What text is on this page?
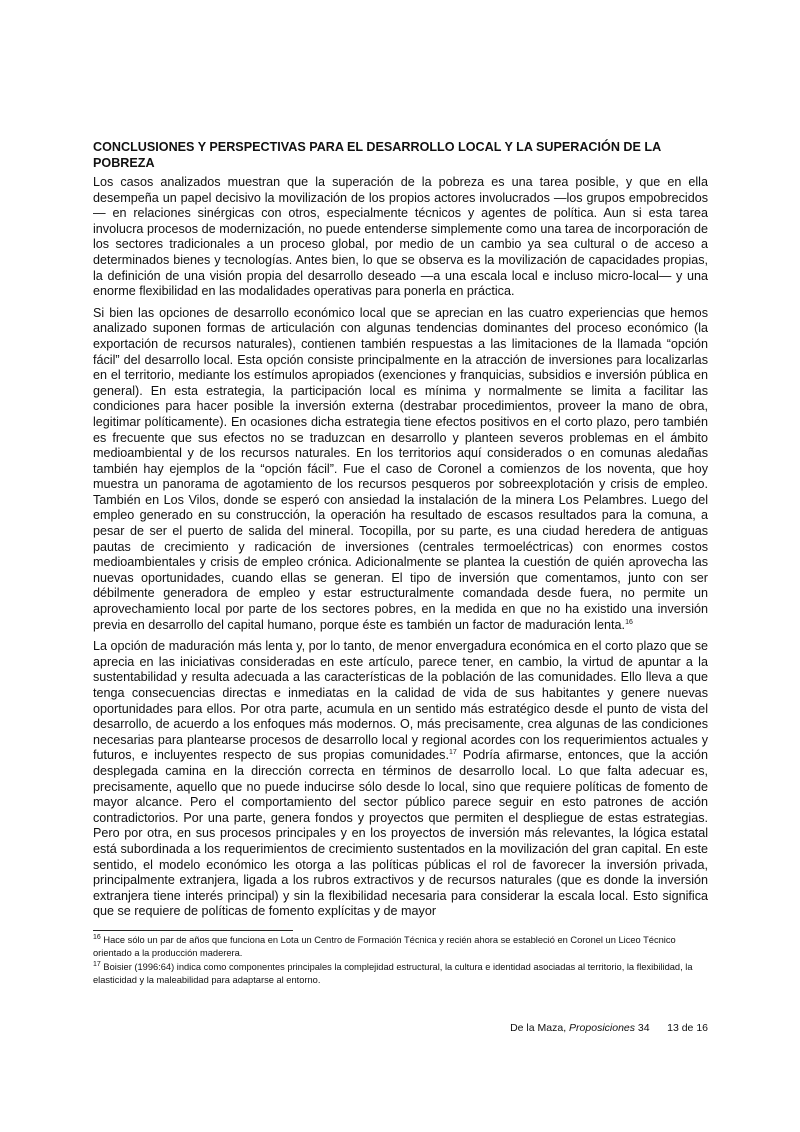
CONCLUSIONES Y PERSPECTIVAS PARA EL DESARROLLO LOCAL Y LA SUPERACIÓN DE LA POBREZA

Los casos analizados muestran que la superación de la pobreza es una tarea posible, y que en ella desempeña un papel decisivo la movilización de los propios actores involucrados —los grupos empobrecidos— en relaciones sinérgicas con otros, especialmente técnicos y agentes de política. Aun si esta tarea involucra procesos de modernización, no puede entenderse simplemente como una tarea de incorporación de los sectores tradicionales a un proceso global, por medio de un cambio ya sea cultural o de acceso a determinados bienes y tecnologías. Antes bien, lo que se observa es la movilización de capacidades propias, la definición de una visión propia del desarrollo deseado —a una escala local e incluso micro-local— y una enorme flexibilidad en las modalidades operativas para ponerla en práctica.

Si bien las opciones de desarrollo económico local que se aprecian en las cuatro experiencias que hemos analizado suponen formas de articulación con algunas tendencias dominantes del proceso económico (la exportación de recursos naturales), contienen también respuestas a las limitaciones de la llamada “opción fácil” del desarrollo local. Esta opción consiste principalmente en la atracción de inversiones para localizarlas en el territorio, mediante los estímulos apropiados (exenciones y franquicias, subsidios e inversión pública en general). En esta estrategia, la participación local es mínima y normalmente se limita a facilitar las condiciones para hacer posible la inversión externa (destrabar procedimientos, proveer la mano de obra, legitimar políticamente). En ocasiones dicha estrategia tiene efectos positivos en el corto plazo, pero también es frecuente que sus efectos no se traduzcan en desarrollo y planteen severos problemas en el ámbito medioambiental y de los recursos naturales. En los territorios aquí considerados o en comunas aledañas también hay ejemplos de la “opción fácil”. Fue el caso de Coronel a comienzos de los noventa, que hoy muestra un panorama de agotamiento de los recursos pesqueros por sobreexplotación y crisis de empleo. También en Los Vilos, donde se esperó con ansiedad la instalación de la minera Los Pelambres. Luego del empleo generado en su construcción, la operación ha resultado de escasos resultados para la comuna, a pesar de ser el puerto de salida del mineral. Tocopilla, por su parte, es una ciudad heredera de antiguas pautas de crecimiento y radicación de inversiones (centrales termoeléctricas) con enormes costos medioambientales y crisis de empleo crónica. Adicionalmente se plantea la cuestión de quién aprovecha las nuevas oportunidades, cuando ellas se generan. El tipo de inversión que comentamos, junto con ser débilmente generadora de empleo y estar estructuralmente comandada desde fuera, no permite un aprovechamiento local por parte de los sectores pobres, en la medida en que no ha existido una inversión previa en desarrollo del capital humano, porque éste es también un factor de maduración lenta.$^{16}$

La opción de maduración más lenta y, por lo tanto, de menor envergadura económica en el corto plazo que se aprecia en las iniciativas consideradas en este artículo, parece tener, en cambio, la virtud de apuntar a la sustentabilidad y resulta adecuada a las características de la población de las comunidades. Ello lleva a que tenga consecuencias directas e inmediatas en la calidad de vida de sus habitantes y genere nuevas oportunidades para ellos. Por otra parte, acumula en un sentido más estratégico desde el punto de vista del desarrollo, de acuerdo a los enfoques más modernos. O, más precisamente, crea algunas de las condiciones necesarias para plantearse procesos de desarrollo local y regional acordes con los requerimientos actuales y futuros, e incluyentes respecto de sus propias comunidades.$^{17}$ Podría afirmarse, entonces, que la acción desplegada camina en la dirección correcta en términos de desarrollo local. Lo que falta adecuar es, precisamente, aquello que no puede inducirse sólo desde lo local, sino que requiere políticas de fomento de mayor alcance. Pero el comportamiento del sector público parece seguir en esto patrones de acción contradictorios. Por una parte, genera fondos y proyectos que permiten el despliegue de estas estrategias. Pero por otra, en sus procesos principales y en los proyectos de inversión más relevantes, la lógica estatal está subordinada a los requerimientos de crecimiento sustentados en la movilización del gran capital. En este sentido, el modelo económico les otorga a las políticas públicas el rol de favorecer la inversión privada, principalmente extranjera, ligada a los rubros extractivos y de recursos naturales (que es donde la inversión extranjera tiene interés principal) y sin la flexibilidad necesaria para considerar la escala local. Esto significa que se requiere de políticas de fomento explícitas y de mayor

$^{16}$ Hace sólo un par de años que funciona en Lota un Centro de Formación Técnica y recién ahora se estableció en Coronel un Liceo Técnico orientado a la producción maderera.

$^{17}$ Boisier (1996:64) indica como componentes principales la complejidad estructural, la cultura e identidad asociadas al territorio, la flexibilidad, la elasticidad y la maleabilidad para adaptarse al entorno.

De la Maza, Proposiciones 34 13 de 16
